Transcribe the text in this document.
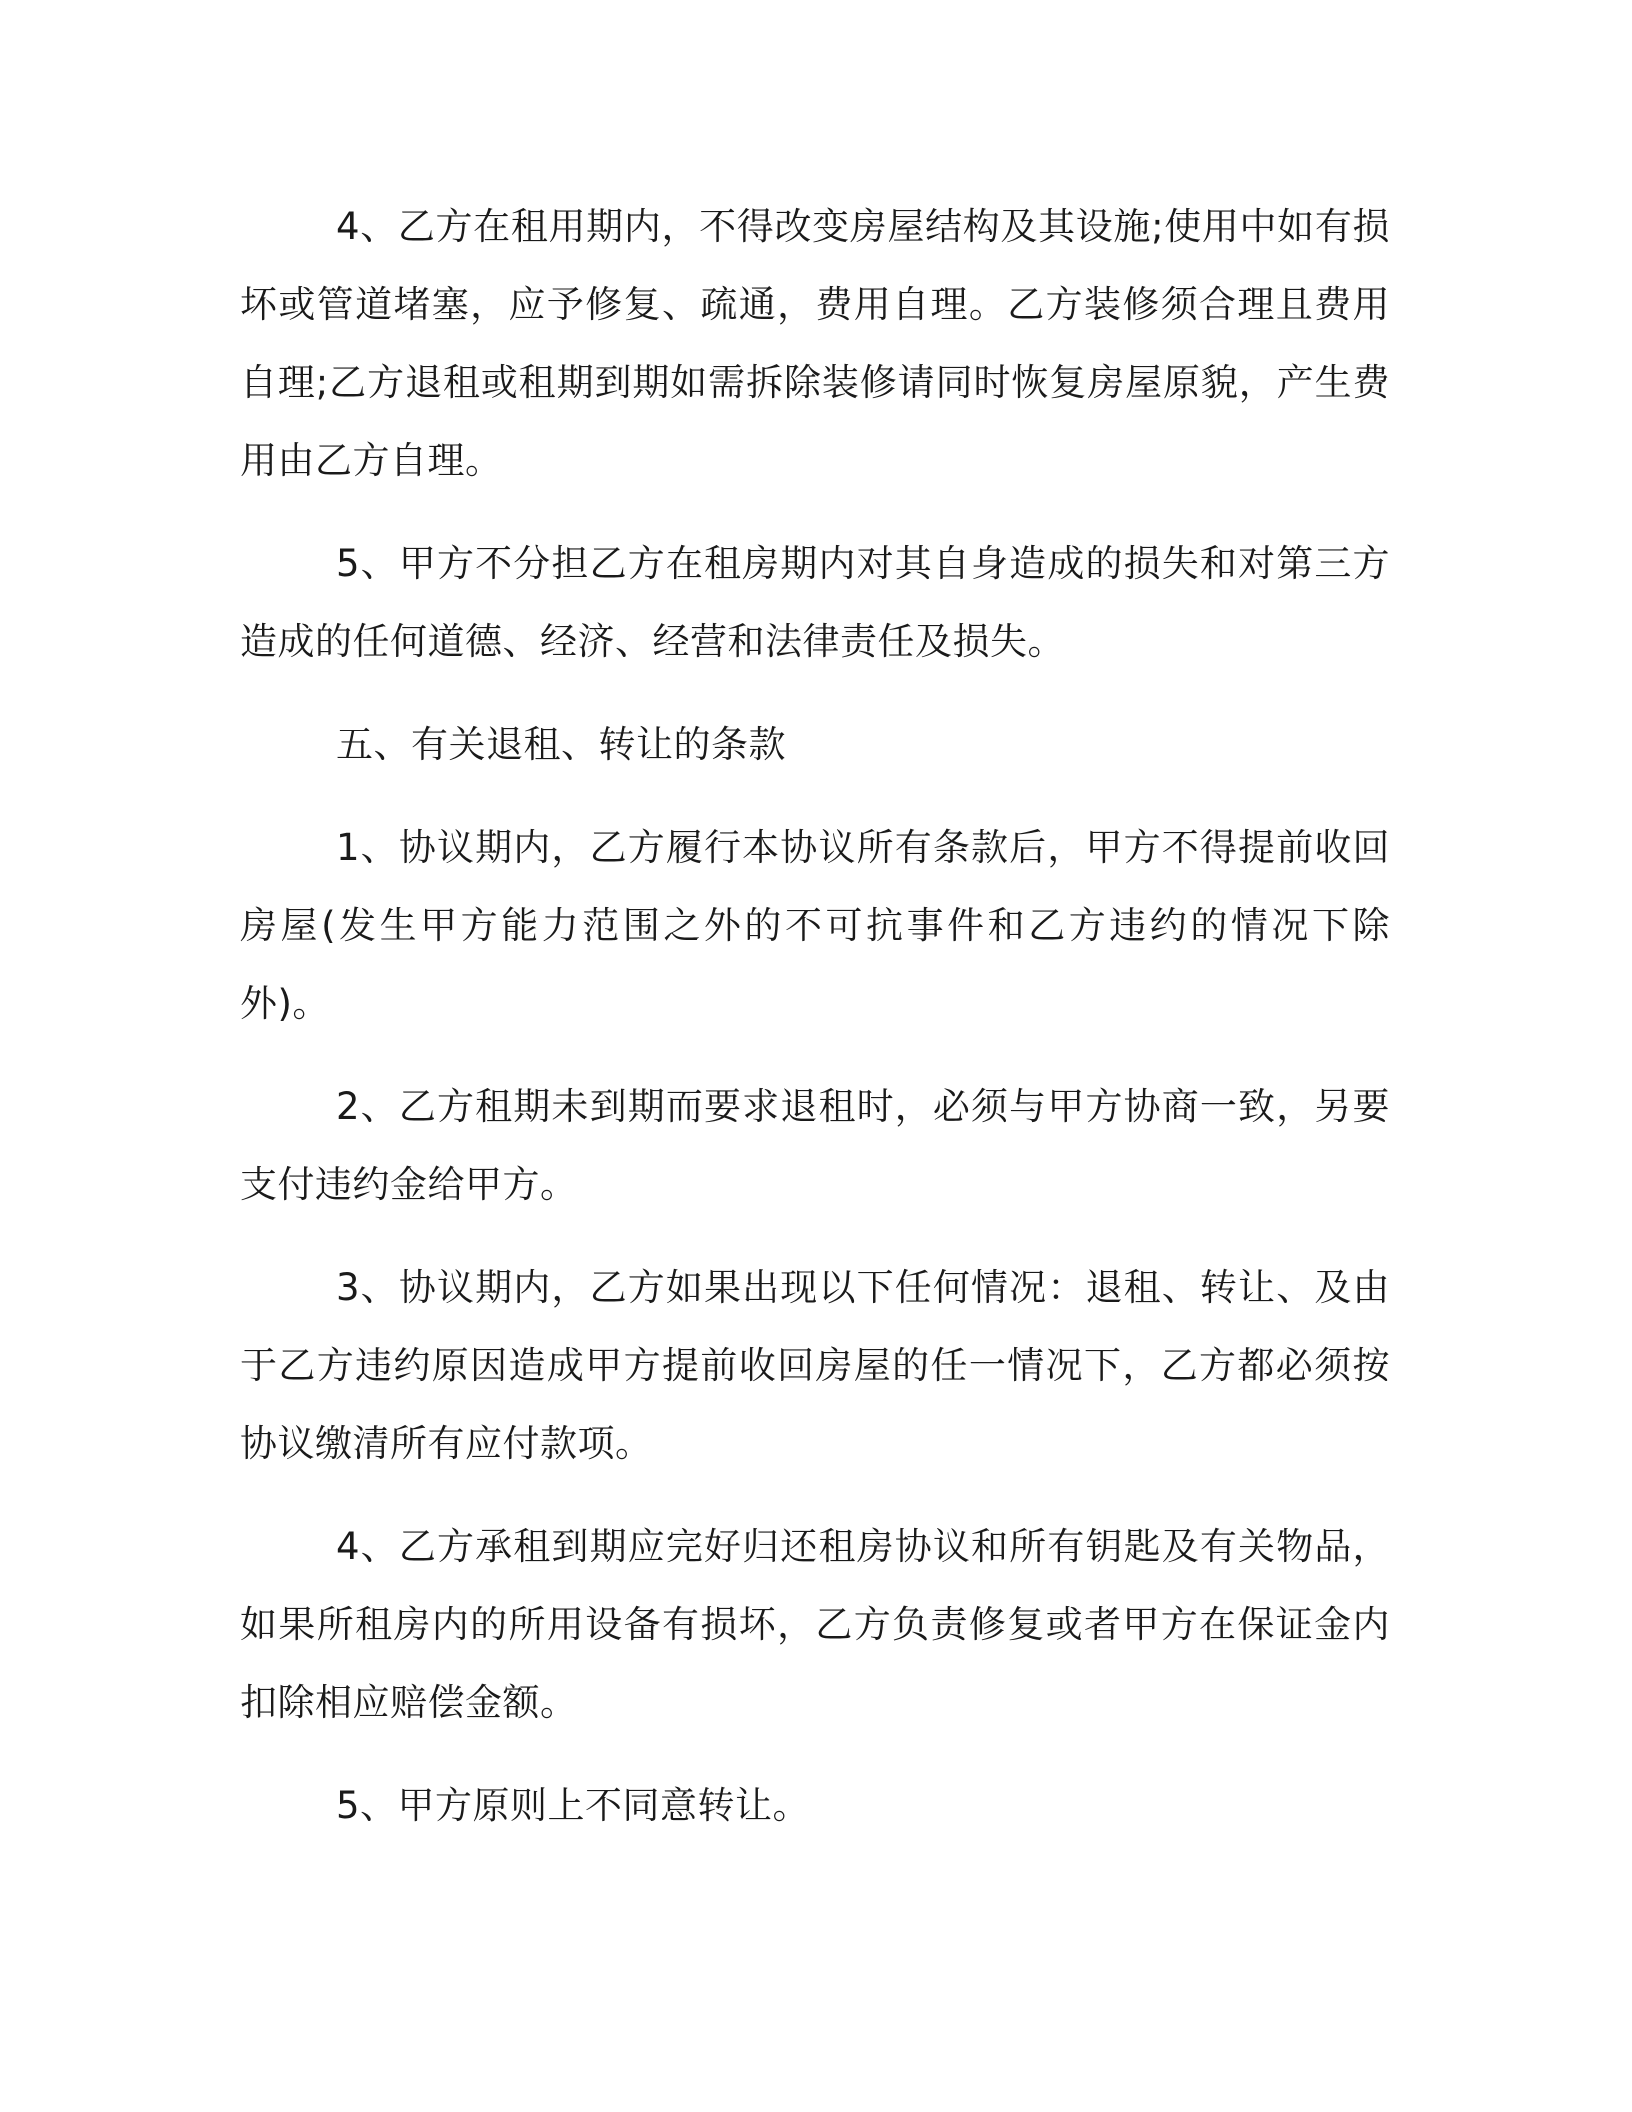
4、乙方在租用期内，不得改变房屋结构及其设施;使用中如有损坏或管道堵塞，应予修复、疏通，费用自理。乙方装修须合理且费用自理;乙方退租或租期到期如需拆除装修请同时恢复房屋原貌，产生费用由乙方自理。

5、甲方不分担乙方在租房期内对其自身造成的损失和对第三方造成的任何道德、经济、经营和法律责任及损失。

五、有关退租、转让的条款

1、协议期内，乙方履行本协议所有条款后，甲方不得提前收回房屋(发生甲方能力范围之外的不可抗事件和乙方违约的情况下除外)。

2、乙方租期未到期而要求退租时，必须与甲方协商一致，另要支付违约金给甲方。

3、协议期内，乙方如果出现以下任何情况：退租、转让、及由于乙方违约原因造成甲方提前收回房屋的任一情况下，乙方都必须按协议缴清所有应付款项。

4、乙方承租到期应完好归还租房协议和所有钥匙及有关物品，如果所租房内的所用设备有损坏，乙方负责修复或者甲方在保证金内扣除相应赔偿金额。

5、甲方原则上不同意转让。
